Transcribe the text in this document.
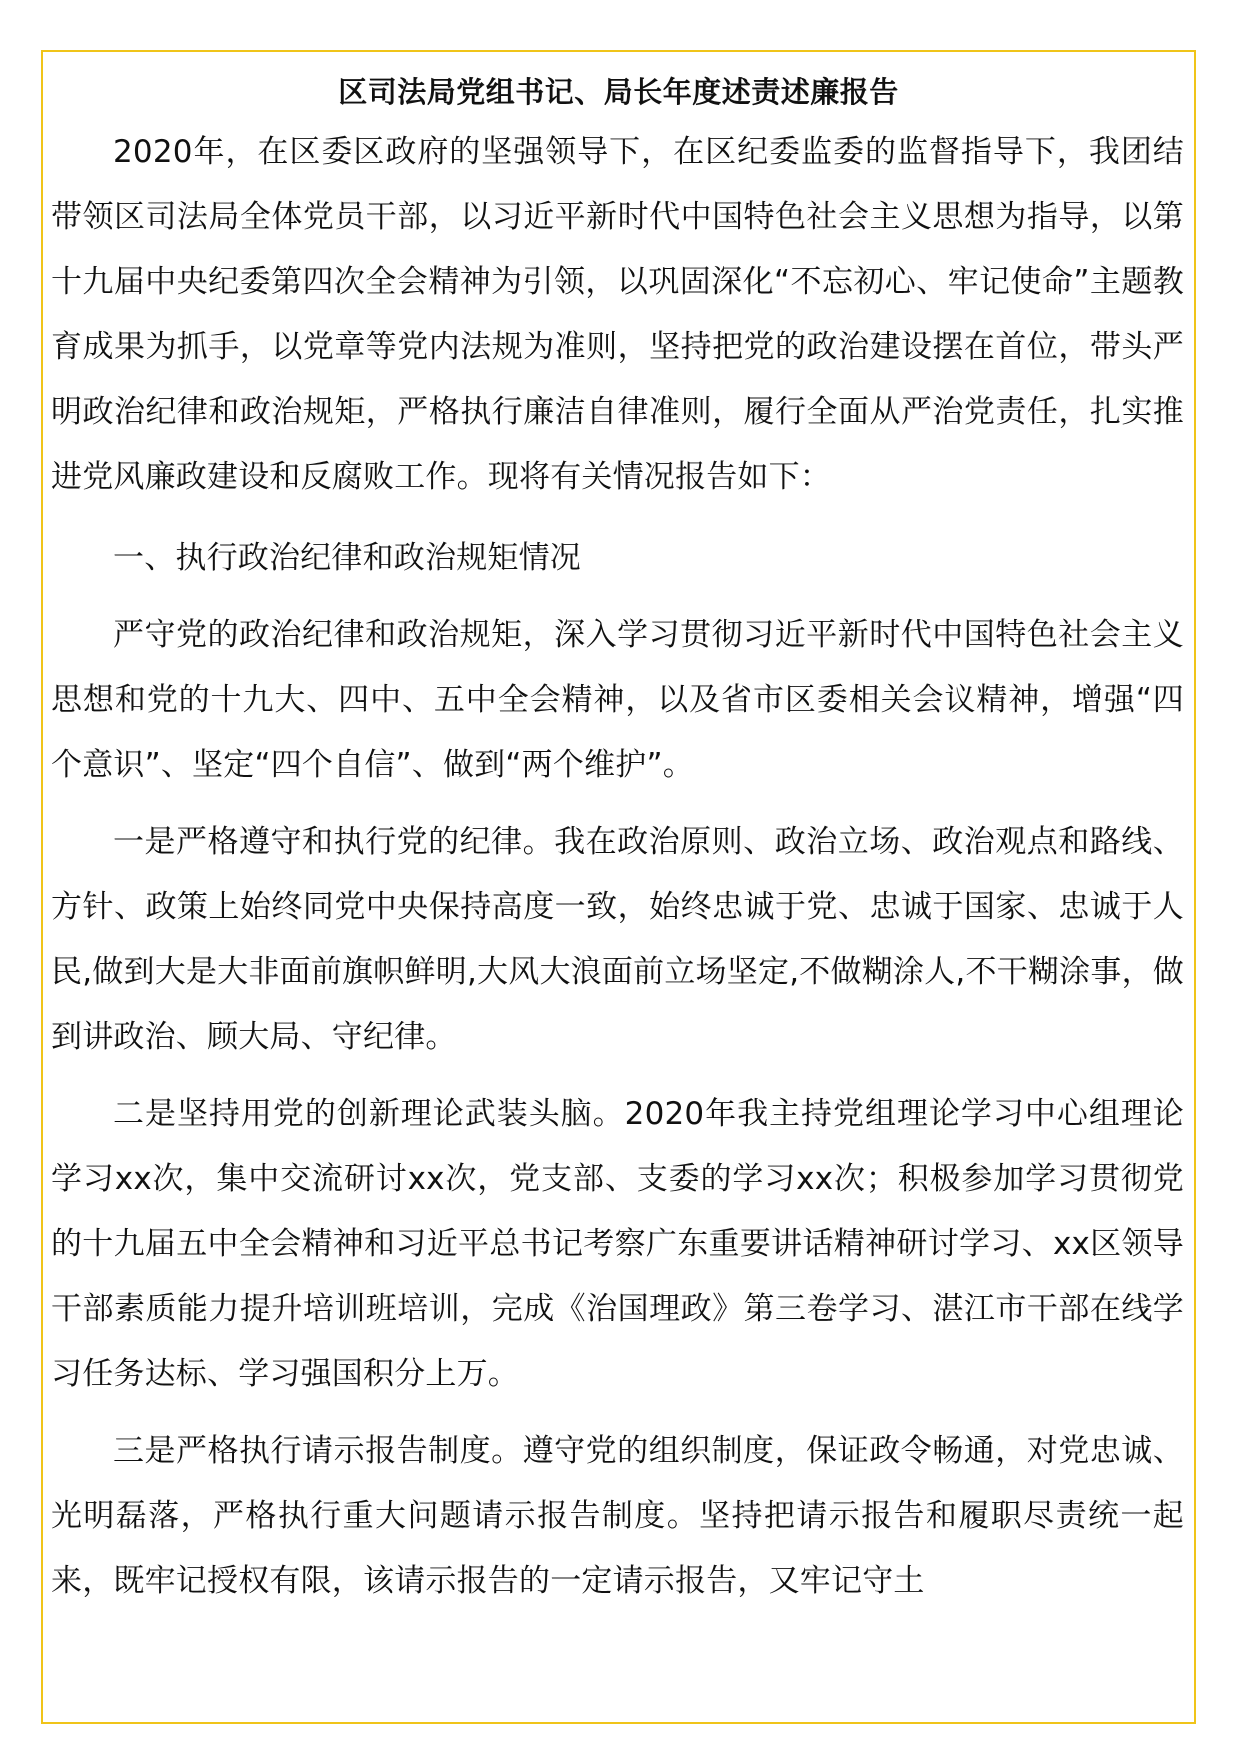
区司法局党组书记、局长年度述责述廉报告

2020年，在区委区政府的坚强领导下，在区纪委监委的监督指导下，我团结带领区司法局全体党员干部，以习近平新时代中国特色社会主义思想为指导，以第十九届中央纪委第四次全会精神为引领，以巩固深化“不忘初心、牢记使命”主题教育成果为抓手，以党章等党内法规为准则，坚持把党的政治建设摆在首位，带头严明政治纪律和政治规矩，严格执行廉洁自律准则，履行全面从严治党责任，扎实推进党风廉政建设和反腐败工作。现将有关情况报告如下：

一、执行政治纪律和政治规矩情况

严守党的政治纪律和政治规矩，深入学习贯彻习近平新时代中国特色社会主义思想和党的十九大、四中、五中全会精神，以及省市区委相关会议精神，增强“四个意识”、坚定“四个自信”、做到“两个维护”。

一是严格遵守和执行党的纪律。我在政治原则、政治立场、政治观点和路线、方针、政策上始终同党中央保持高度一致，始终忠诚于党、忠诚于国家、忠诚于人民,做到大是大非面前旗帜鲜明,大风大浪面前立场坚定,不做糊涂人,不干糊涂事，做到讲政治、顾大局、守纪律。

二是坚持用党的创新理论武装头脑。2020年我主持党组理论学习中心组理论学习xx次，集中交流研讨xx次，党支部、支委的学习xx次；积极参加学习贯彻党的十九届五中全会精神和习近平总书记考察广东重要讲话精神研讨学习、xx区领导干部素质能力提升培训班培训，完成《治国理政》第三卷学习、湛江市干部在线学习任务达标、学习强国积分上万。

三是严格执行请示报告制度。遵守党的组织制度，保证政令畅通，对党忠诚、光明磊落，严格执行重大问题请示报告制度。坚持把请示报告和履职尽责统一起来，既牢记授权有限，该请示报告的一定请示报告，又牢记守土
